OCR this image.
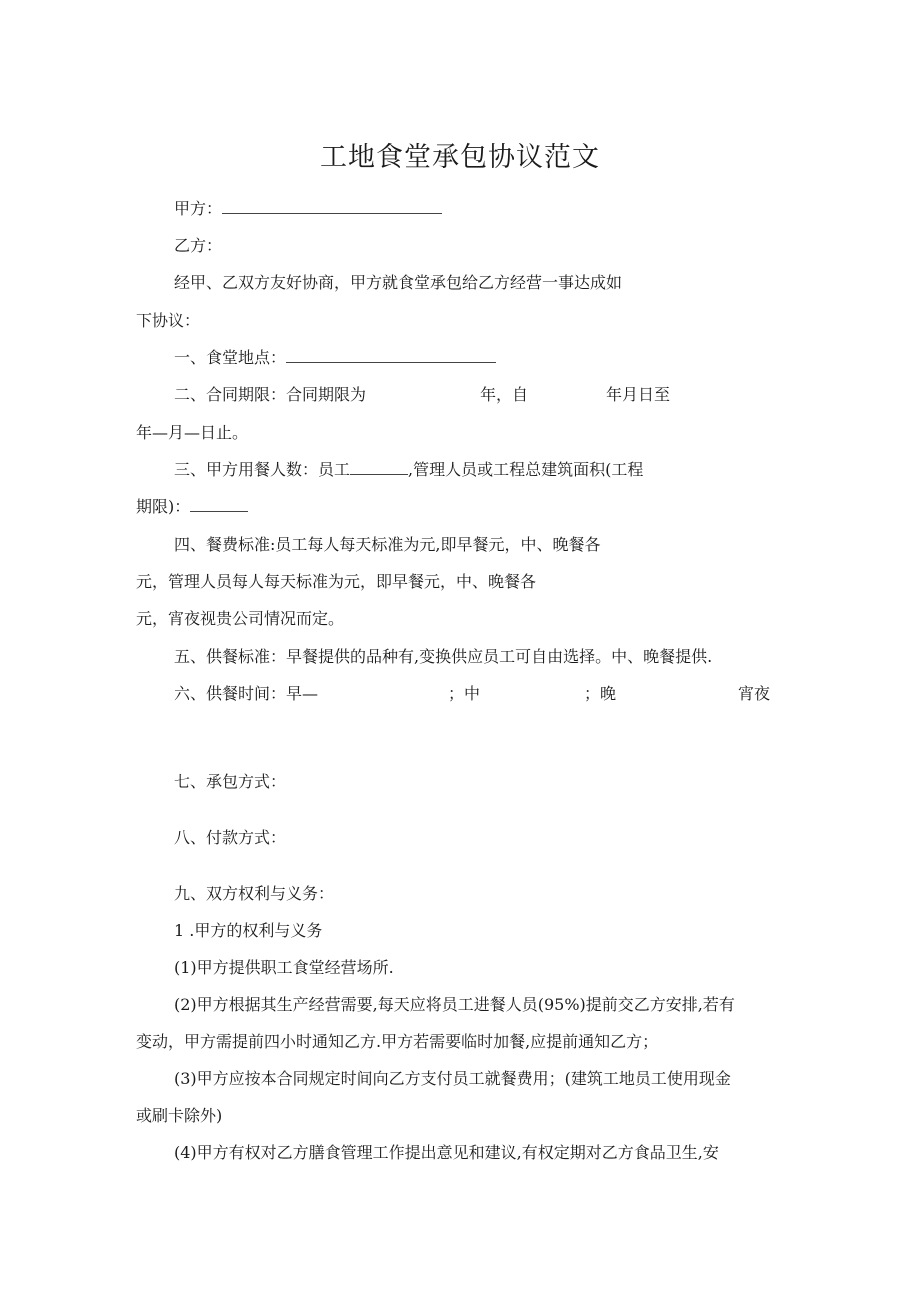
工地食堂承包协议范文
甲方：
乙方：
经甲、乙双方友好协商，甲方就食堂承包给乙方经营一事达成如
下协议：
一、食堂地点：
二、合同期限：合同期限为	年，自	年月日至
年—月—日止。
三、甲方用餐人数：员工	,管理人员或工程总建筑面积(工程
期限)：
四、餐费标准:员工每人每天标准为元,即早餐元，中、晚餐各
元，管理人员每人每天标准为元，即早餐元，中、晚餐各
元，宵夜视贵公司情况而定。
五、供餐标准：早餐提供的品种有,变换供应员工可自由选择。中、晚餐提供.
六、供餐时间：早—	；中	；晚	宵夜
七、承包方式：
八、付款方式：
九、双方权利与义务：
1 .甲方的权利与义务
(1)甲方提供职工食堂经营场所.
(2)甲方根据其生产经营需要,每天应将员工进餐人员(95%)提前交乙方安排,若有
变动，甲方需提前四小时通知乙方.甲方若需要临时加餐,应提前通知乙方；
(3)甲方应按本合同规定时间向乙方支付员工就餐费用；(建筑工地员工使用现金
或刷卡除外)
(4)甲方有权对乙方膳食管理工作提出意见和建议,有权定期对乙方食品卫生,安
